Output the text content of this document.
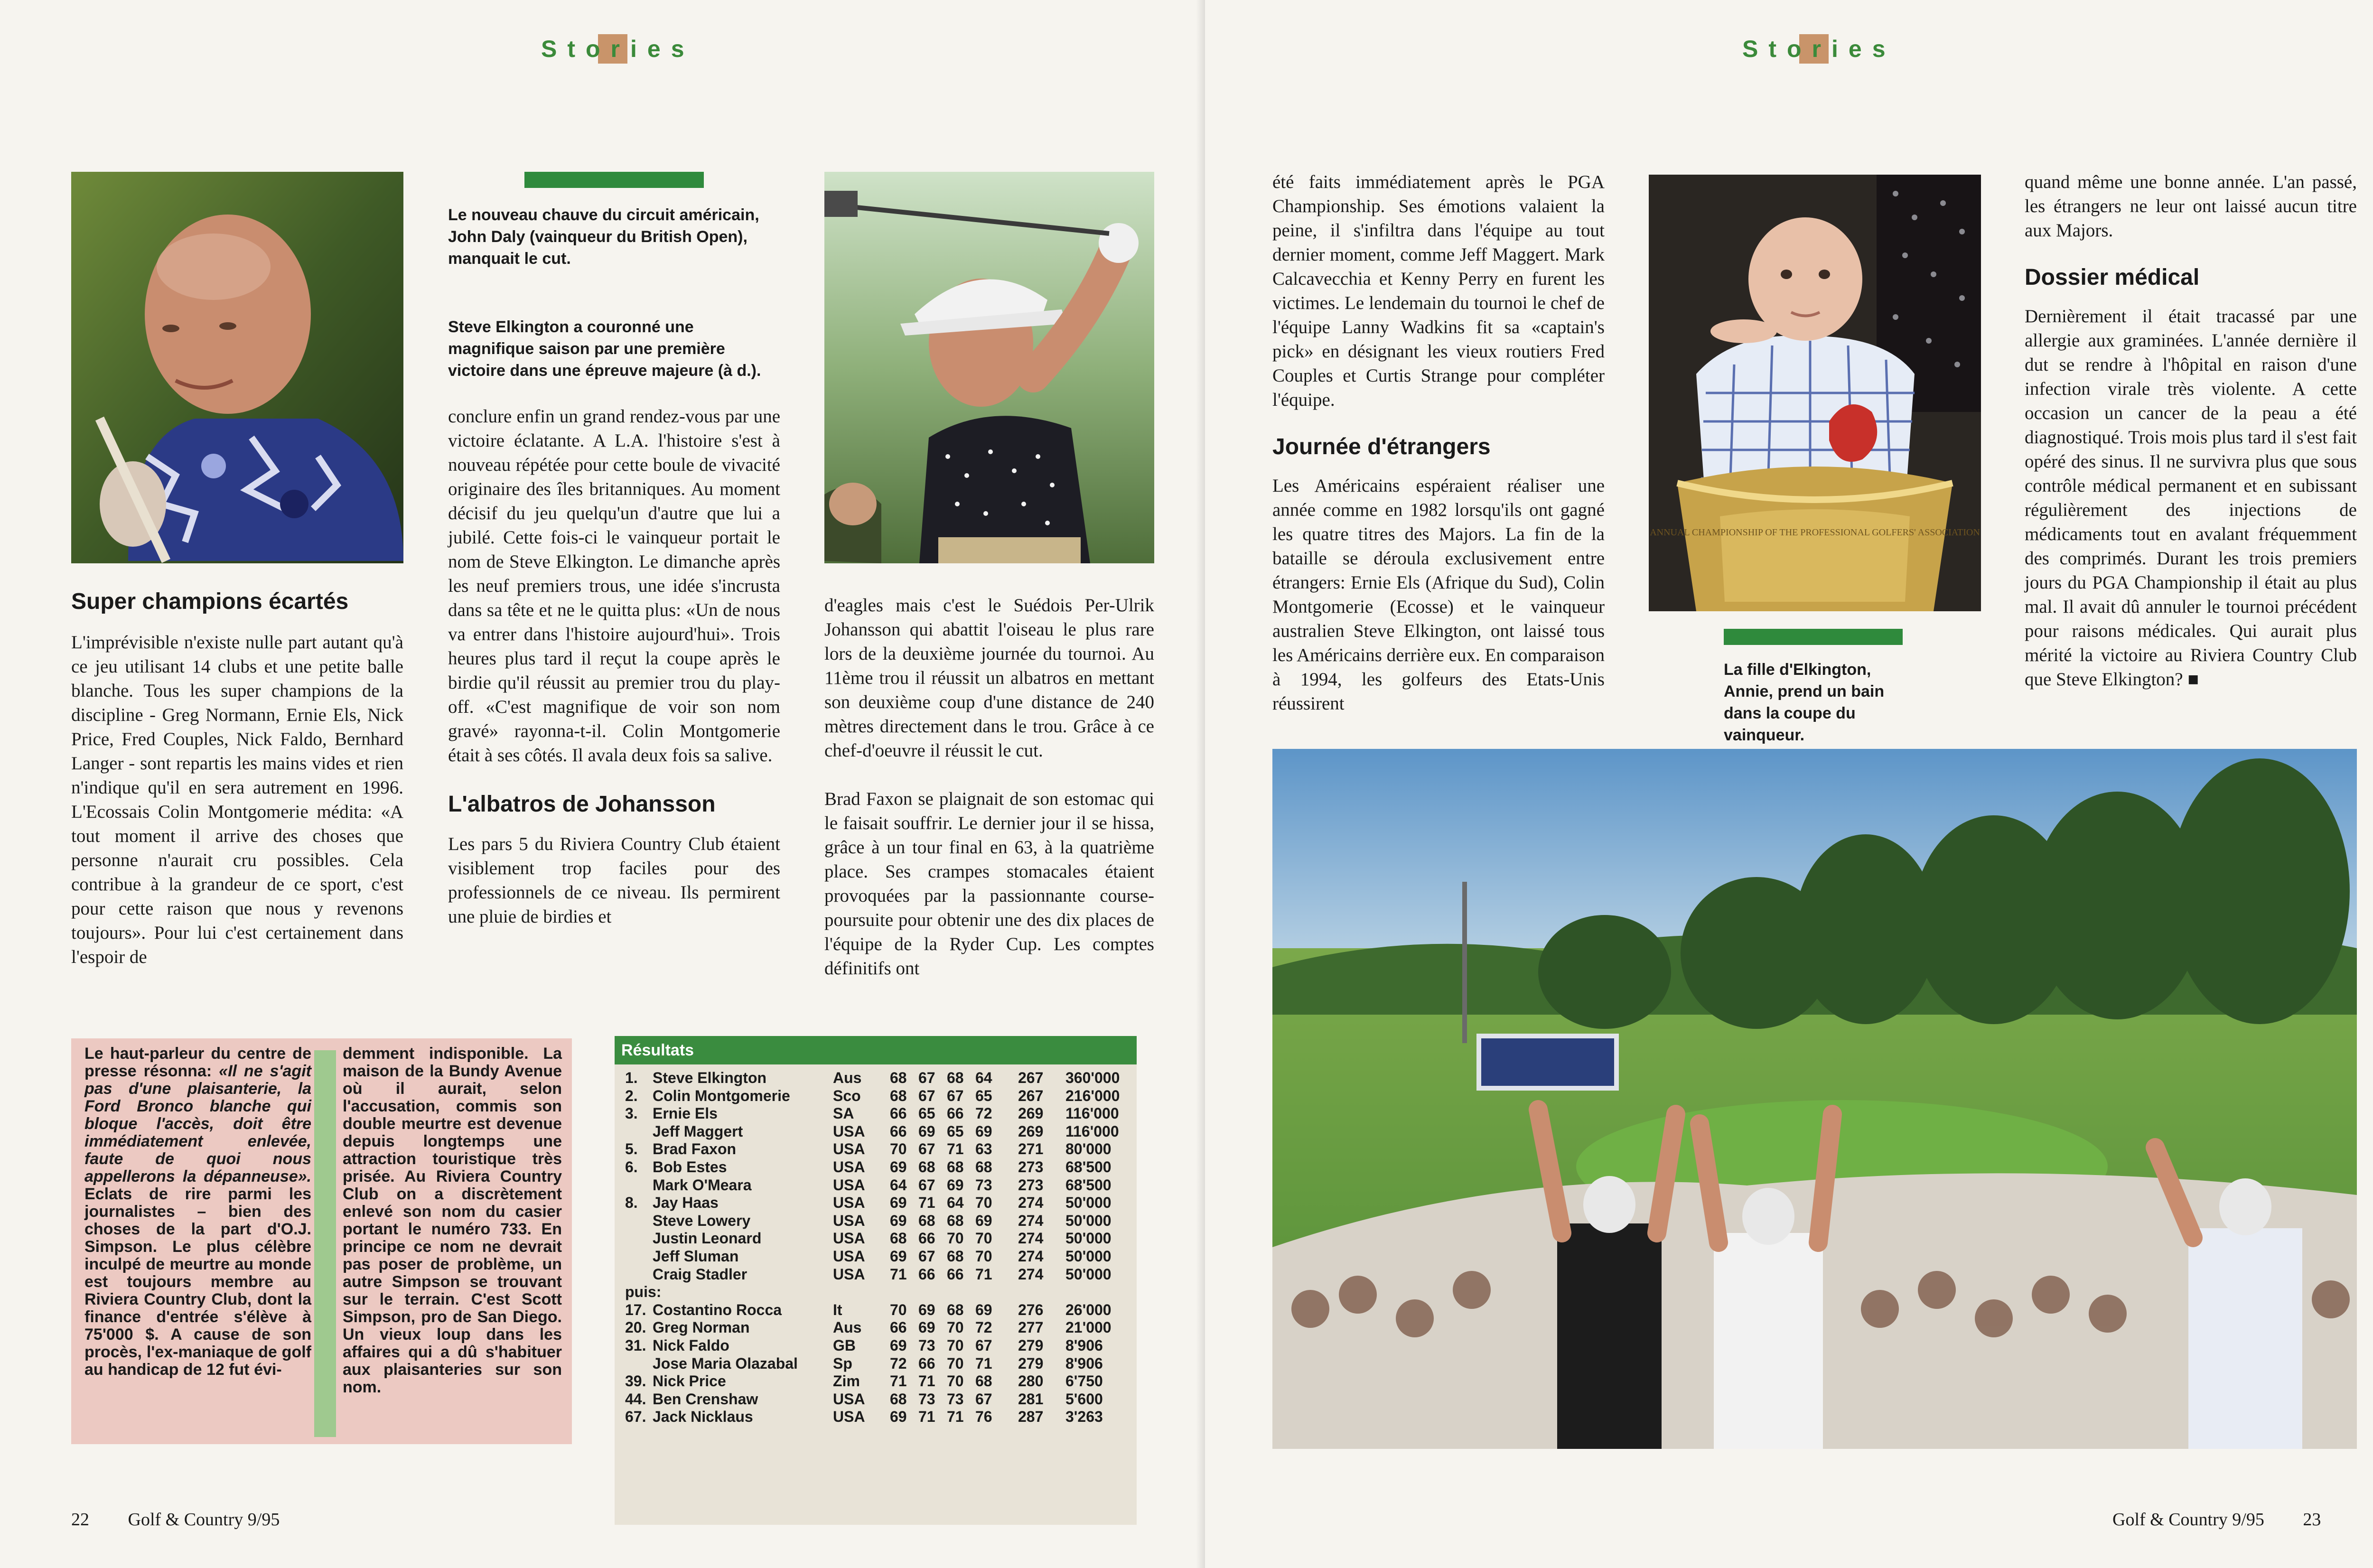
Stories

Le nouveau chauve du circuit américain, John Daly (vainqueur du British Open), manquait le cut.

Steve Elkington a couronné une magnifique saison par une première victoire dans une épreuve majeure (à d.).

Super champions écartés

L'imprévisible n'existe nulle part autant qu'à ce jeu utilisant 14 clubs et une petite balle blanche. Tous les super champions de la discipline - Greg Normann, Ernie Els, Nick Price, Fred Couples, Nick Faldo, Bernhard Langer - sont repartis les mains vides et rien n'indique qu'il en sera autrement en 1996. L'Ecossais Colin Montgomerie médita: «A tout moment il arrive des choses que personne n'aurait cru possibles. Cela contribue à la grandeur de ce sport, c'est pour cette raison que nous y revenons toujours». Pour lui c'est certainement dans l'espoir de

conclure enfin un grand rendez-vous par une victoire éclatante. A L.A. l'histoire s'est à nouveau répétée pour cette boule de vivacité originaire des îles britanniques. Au moment décisif du jeu quelqu'un d'autre que lui a jubilé. Cette fois-ci le vainqueur portait le nom de Steve Elkington. Le dimanche après les neuf premiers trous, une idée s'incrusta dans sa tête et ne le quitta plus: «Un de nous va entrer dans l'histoire aujourd'hui». Trois heures plus tard il reçut la coupe après le birdie qu'il réussit au premier trou du play-off. «C'est magnifique de voir son nom gravé» rayonna-t-il. Colin Montgomerie était à ses côtés. Il avala deux fois sa salive.

L'albatros de Johansson

Les pars 5 du Riviera Country Club étaient visiblement trop faciles pour des professionnels de ce niveau. Ils permirent une pluie de birdies et

d'eagles mais c'est le Suédois Per-Ulrik Johansson qui abattit l'oiseau le plus rare lors de la deuxième journée du tournoi. Au 11ème trou il réussit un albatros en mettant son deuxième coup d'une distance de 240 mètres directement dans le trou. Grâce à ce chef-d'oeuvre il réussit le cut.

Brad Faxon se plaignait de son estomac qui le faisait souffrir. Le dernier jour il se hissa, grâce à un tour final en 63, à la quatrième place. Ses crampes stomacales étaient provoquées par la passionnante course-poursuite pour obtenir une des dix places de l'équipe de la Ryder Cup. Les comptes définitifs ont

Le haut-parleur du centre de presse résonna: «Il ne s'agit pas d'une plaisanterie, la Ford Bronco blanche qui bloque l'accès, doit être immédiatement enlevée, faute de quoi nous appellerons la dépanneuse». Eclats de rire parmi les journalistes – bien des choses de la part d'O.J. Simpson. Le plus célèbre inculpé de meurtre au monde est toujours membre au Riviera Country Club, dont la finance d'entrée s'élève à 75'000 $. A cause de son procès, l'ex-maniaque de golf au handicap de 12 fut évi-
demment indisponible. La maison de la Bundy Avenue où il aurait, selon l'accusation, commis son double meurtre est devenue depuis longtemps une attraction touristique très prisée. Au Riviera Country Club on a discrètement enlevé son nom du casier portant le numéro 733. En principe ce nom ne devrait pas poser de problème, un autre Simpson se trouvant sur le terrain. C'est Scott Simpson, pro de San Diego. Un vieux loup dans les affaires qui a dû s'habituer aux plaisanteries sur son nom.
Résultats
1. Steve Elkington	Aus 68 67 68 64 267 360'000
2. Colin Montgomerie	Sco 68 67 67 65 267 216'000
3. Ernie Els	SA 66 65 66 72 269 116'000
Jeff Maggert	USA 66 69 65 69 269 116'000
5. Brad Faxon	USA 70 67 71 63 271 80'000
6. Bob Estes	USA 69 68 68 68 273 68'500
Mark O'Meara	USA 64 67 69 73 273 68'500
8. Jay Haas	USA 69 71 64 70 274 50'000
Steve Lowery	USA 69 68 68 69 274 50'000
Justin Leonard	USA 68 66 70 70 274 50'000
Jeff Sluman	USA 69 67 68 70 274 50'000
Craig Stadler	USA 71 66 66 71 274 50'000
puis:
17. Costantino Rocca	It	70 69 68 69 276 26'000
20. Greg Norman	Aus 66 69 70 72 277 21'000
31. Nick Faldo	GB 69 73 70 67 279 8'906
Jose Maria Olazabal Sp 72 66 70 71 279 8'906
39. Nick Price	Zim 71 71 70 68 280 6'750
44. Ben Crenshaw	USA 68 73 73 67 281 5'600
67. Jack Nicklaus	USA 69 71 71 76 287 3'263
22 Golf & Country 9/95
Stories

été faits immédiatement après le PGA Championship. Ses émotions valaient la peine, il s'infiltra dans l'équipe au tout dernier moment, comme Jeff Maggert. Mark Calcavecchia et Kenny Perry en furent les victimes. Le lendemain du tournoi le chef de l'équipe Lanny Wadkins fit sa «captain's pick» en désignant les vieux routiers Fred Couples et Curtis Strange pour compléter l'équipe.

Journée d'étrangers

Les Américains espéraient réaliser une année comme en 1982 lorsqu'ils ont gagné les quatre titres des Majors. La fin de la bataille se déroula exclusivement entre étrangers: Ernie Els (Afrique du Sud), Colin Montgomerie (Ecosse) et le vainqueur australien Steve Elkington, ont laissé tous les Américains derrière eux. En comparaison à 1994, les golfeurs des Etats-Unis réussirent

ANNUAL CHAMPIONSHIP OF THE PROFESSIONAL GOLFERS' ASSOCIATION

La fille d'Elkington, Annie, prend un bain dans la coupe du vainqueur.

quand même une bonne année. L'an passé, les étrangers ne leur ont laissé aucun titre aux Majors.

Dossier médical

Dernièrement il était tracassé par une allergie aux graminées. L'année dernière il dut se rendre à l'hôpital en raison d'une infection virale très violente. A cette occasion un cancer de la peau a été diagnostiqué. Trois mois plus tard il s'est fait opéré des sinus. Il ne survivra plus que sous contrôle médical permanent et en subissant régulièrement des injections de médicaments tout en avalant fréquemment des comprimés. Durant les trois premiers jours du PGA Championship il était au plus mal. Il avait dû annuler le tournoi précédent pour raisons médicales. Qui aurait plus mérité la victoire au Riviera Country Club que Steve Elkington? ■

Golf & Country 9/95 23
